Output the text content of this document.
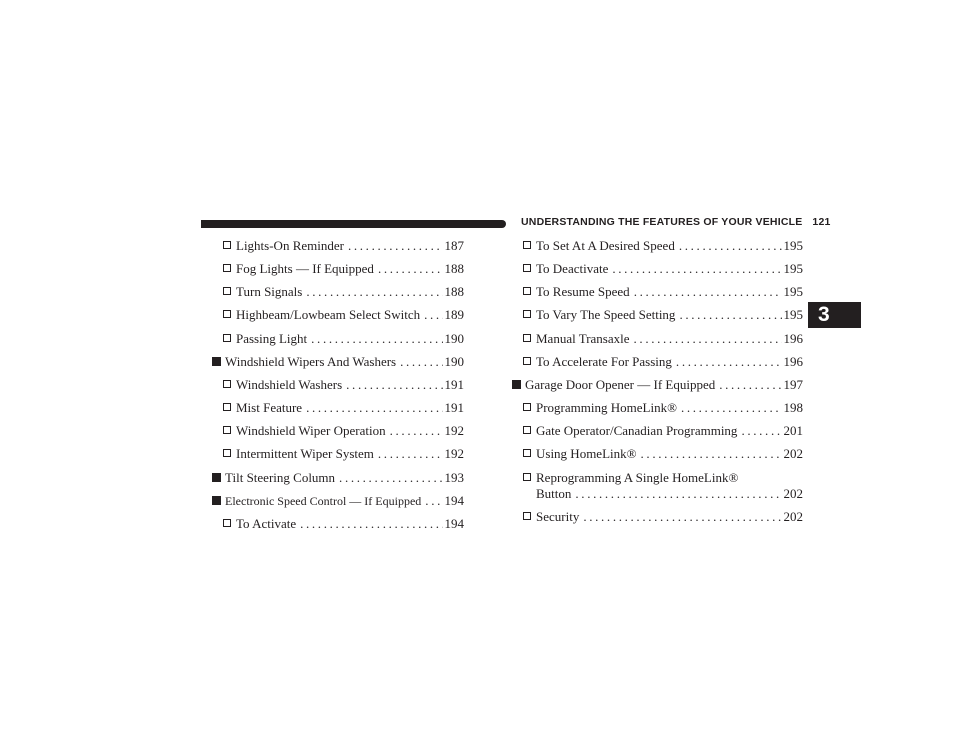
UNDERSTANDING THE FEATURES OF YOUR VEHICLE 121
3
Lights-On Reminder . . .	187
Fog Lights — If Equipped . . .	188
Turn Signals . . .	188
Highbeam/Lowbeam Select Switch . . . 189
Passing Light . . .	190
Windshield Wipers And Washers . . .	190
Windshield Washers . . .	191
Mist Feature . . .	191
Windshield Wiper Operation . . .	192
Intermittent Wiper System . . .	192
Tilt Steering Column . . .	193
Electronic Speed Control — If Equipped . . . 194
To Activate . . .	194
To Set At A Desired Speed . . .	195
To Deactivate . . .	195
To Resume Speed . . .	195
To Vary The Speed Setting . . .	195
Manual Transaxle . . .	196
To Accelerate For Passing . . .	196
Garage Door Opener — If Equipped . . .	197
Programming HomeLink® . . .	198
Gate Operator/Canadian Programming . . .	201
Using HomeLink® . . .	202
Reprogramming A Single HomeLink®
Button . . .	202
Security . . .	202
